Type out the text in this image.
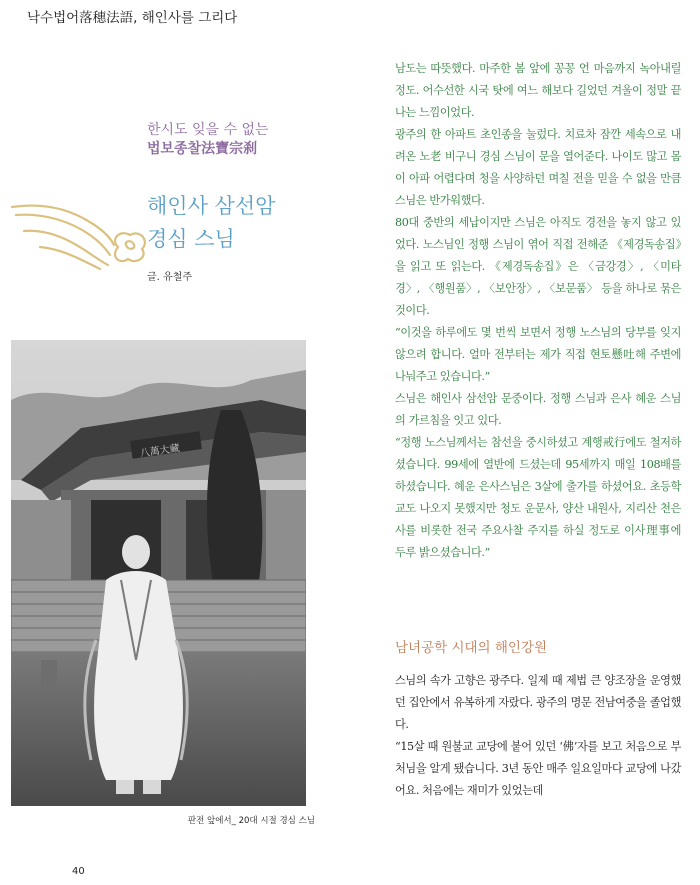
낙수법어落穗法語, 해인사를 그리다
한시도 잊을 수 없는
법보종찰法寶宗刹
해인사 삼선암
경심 스님
글. 유철주
八萬大藏
판전 앞에서_ 20대 시절 경심 스님

남도는 따뜻했다. 마주한 봄 앞에 꽁꽁 언 마음까지 녹아내릴 정도. 어수선한 시국 탓에 여느 해보다 길었던 겨울이 정말 끝나는 느낌이었다.

광주의 한 아파트 초인종을 눌렀다. 치료차 잠깐 세속으로 내려온 노老 비구니 경심 스님이 문을 열어준다. 나이도 많고 몸이 아파 어렵다며 청을 사양하던 며칠 전을 믿을 수 없을 만큼 스님은 반가워했다.

80대 중반의 세납이지만 스님은 아직도 경전을 놓지 않고 있었다. 노스님인 정행 스님이 엮어 직접 전해준 《제경독송집》을 읽고 또 읽는다. 《제경독송집》은 〈금강경〉, 〈미타경〉, 〈행원품〉, 〈보안장〉, 〈보문품〉 등을 하나로 묶은 것이다.

“이것을 하루에도 몇 번씩 보면서 정행 노스님의 당부를 잊지 않으려 합니다. 얼마 전부터는 제가 직접 현토懸吐해 주변에 나눠주고 있습니다.”

스님은 해인사 삼선암 문중이다. 정행 스님과 은사 혜운 스님의 가르침을 잇고 있다.

“정행 노스님께서는 참선을 중시하셨고 계행戒行에도 철저하셨습니다. 99세에 열반에 드셨는데 95세까지 매일 108배를 하셨습니다. 혜운 은사스님은 3살에 출가를 하셨어요. 초등학교도 나오지 못했지만 청도 운문사, 양산 내원사, 지리산 천은사를 비롯한 전국 주요사찰 주지를 하실 정도로 이사理事에 두루 밝으셨습니다.”

남녀공학 시대의 해인강원

스님의 속가 고향은 광주다. 일제 때 제법 큰 양조장을 운영했던 집안에서 유복하게 자랐다. 광주의 명문 전남여중을 졸업했다.

“15살 때 원불교 교당에 붙어 있던 ‘佛’자를 보고 처음으로 부처님을 알게 됐습니다. 3년 동안 매주 일요일마다 교당에 나갔어요. 처음에는 재미가 있었는데

40
